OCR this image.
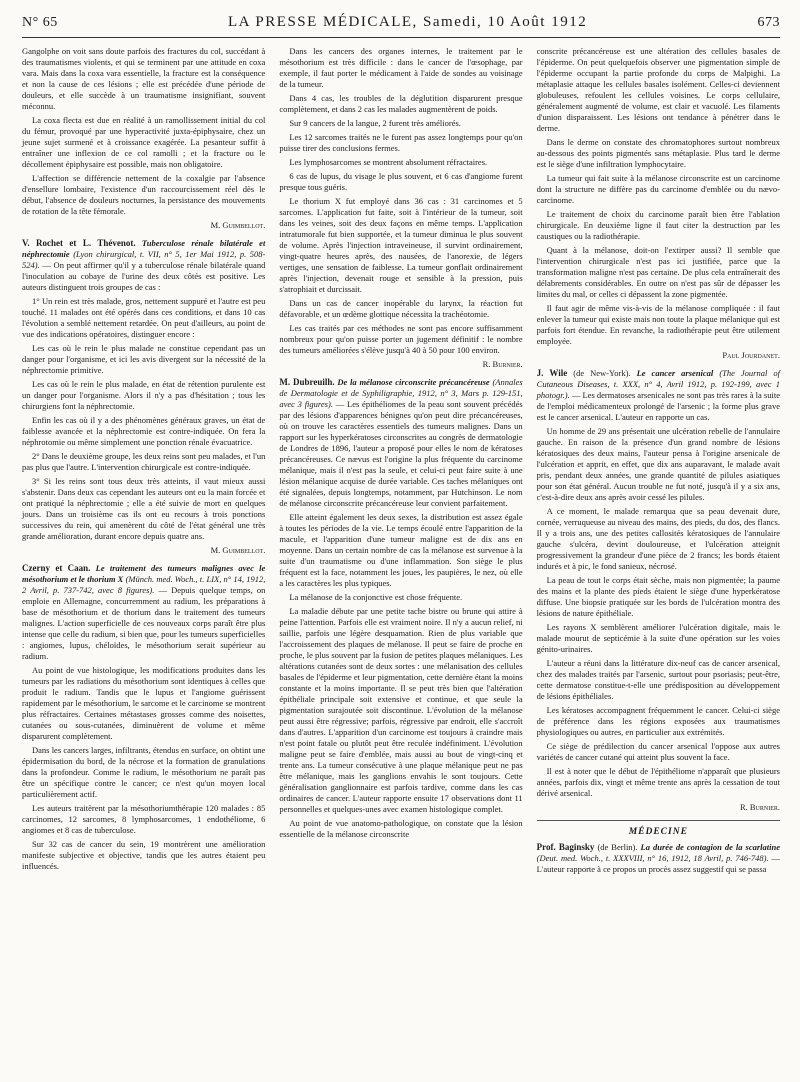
N° 65	LA PRESSE MÉDICALE, Samedi, 10 Août 1912	673

Gangolphe on voit sans doute parfois des fractures du col, succédant à des traumatismes violents, et qui se terminent par une attitude en coxa vara. Mais dans la coxa vara essentielle, la fracture est la conséquence et non la cause de ces lésions ; elle est précédée d'une période de douleurs, et elle succède à un traumatisme insignifiant, souvent méconnu.

La coxa flecta est due en réalité à un ramollissement initial du col du fémur, provoqué par une hyperactivité juxta-épiphysaire, chez un jeune sujet surmené et à croissance exagérée. La pesanteur suffit à entraîner une inflexion de ce col ramolli ; et la fracture ou le décollement épiphysaire est possible, mais non obligatoire.

L'affection se différencie nettement de la coxalgie par l'absence d'ensellure lombaire, l'existence d'un raccourcissement réel dès le début, l'absence de douleurs nocturnes, la persistance des mouvements de rotation de la tête fémorale.

M. Guimbellot.

V. Rochet et L. Thévenot. Tuberculose rénale bilatérale et néphrectomie (Lyon chirurgical, t. VII, n° 5, 1er Mai 1912, p. 508-524). — On peut affirmer qu'il y a tuberculose rénale bilatérale quand l'inoculation au cobaye de l'urine des deux côtés est positive. Les auteurs distinguent trois groupes de cas :

1° Un rein est très malade, gros, nettement suppuré et l'autre est peu touché. 11 malades ont été opérés dans ces conditions, et dans 10 cas l'évolution a semblé nettement retardée. On peut d'ailleurs, au point de vue des indications opératoires, distinguer encore :

Les cas où le rein le plus malade ne constitue cependant pas un danger pour l'organisme, et ici les avis divergent sur la nécessité de la néphrectomie primitive.

Les cas où le rein le plus malade, en état de rétention purulente est un danger pour l'organisme. Alors il n'y a pas d'hésitation ; tous les chirurgiens font la néphrectomie.

Enfin les cas où il y a des phénomènes généraux graves, un état de faiblesse avancée et la néphrectomie est contre-indiquée. On fera la néphrotomie ou même simplement une ponction rénale évacuatrice.

2° Dans le deuxième groupe, les deux reins sont peu malades, et l'un pas plus que l'autre. L'intervention chirurgicale est contre-indiquée.

3° Si les reins sont tous deux très atteints, il vaut mieux aussi s'abstenir. Dans deux cas cependant les auteurs ont eu la main forcée et ont pratiqué la néphrectomie ; elle a été suivie de mort en quelques jours. Dans un troisième cas ils ont eu recours à trois ponctions successives du rein, qui amenèrent du côté de l'état général une très grande amélioration, durant encore depuis quatre ans.

M. Guimbellot.

Czerny et Caan. Le traitement des tumeurs malignes avec le mésothorium et le thorium X (Münch. med. Woch., t. LIX, n° 14, 1912, 2 Avril, p. 737-742, avec 8 figures). — Depuis quelque temps, on emploie en Allemagne, concurremment au radium, les préparations à base de mésothorium et de thorium dans le traitement des tumeurs malignes. L'action superficielle de ces nouveaux corps paraît être plus intense que celle du radium, si bien que, pour les tumeurs superficielles : angiomes, lupus, chéloïdes, le mésothorium serait supérieur au radium.

Au point de vue histologique, les modifications produites dans les tumeurs par les radiations du mésothorium sont identiques à celles que produit le radium. Tandis que le lupus et l'angiome guérissent rapidement par le mésothorium, le sarcome et le carcinome se montrent plus réfractaires. Certaines métastases grosses comme des noisettes, cutanées ou sous-cutanées, diminuèrent de volume et même disparurent complètement.

Dans les cancers larges, infiltrants, étendus en surface, on obtint une épidermisation du bord, de la nécrose et la formation de granulations dans la profondeur. Comme le radium, le mésothorium ne paraît pas être un spécifique contre le cancer; ce n'est qu'un moyen local particulièrement actif.

Les auteurs traitèrent par la mésothoriumthérapie 120 malades : 85 carcinomes, 12 sarcomes, 8 lymphosarcomes, 1 endothéliome, 6 angiomes et 8 cas de tuberculose.

Sur 32 cas de cancer du sein, 19 montrèrent une amélioration manifeste subjective et objective, tandis que les autres étaient peu influencés.

Dans les cancers des organes internes, le traitement par le mésothorium est très difficile : dans le cancer de l'œsophage, par exemple, il faut porter le médicament à l'aide de sondes au voisinage de la tumeur.

Dans 4 cas, les troubles de la déglutition disparurent presque complètement, et dans 2 cas les malades augmentèrent de poids.

Sur 9 cancers de la langue, 2 furent très améliorés.

Les 12 sarcomes traités ne le furent pas assez longtemps pour qu'on puisse tirer des conclusions fermes.

Les lymphosarcomes se montrent absolument réfractaires.

6 cas de lupus, du visage le plus souvent, et 6 cas d'angiome furent presque tous guéris.

Le thorium X fut employé dans 36 cas : 31 carcinomes et 5 sarcomes. L'application fut faite, soit à l'intérieur de la tumeur, soit dans les veines, soit des deux façons en même temps. L'application intratumorale fut bien supportée, et la tumeur diminua le plus souvent de volume. Après l'injection intraveineuse, il survint ordinairement, vingt-quatre heures après, des nausées, de l'anorexie, de légers vertiges, une sensation de faiblesse. La tumeur gonflait ordinairement après l'injection, devenait rouge et sensible à la pression, puis s'atrophiait et durcissait.

Dans un cas de cancer inopérable du larynx, la réaction fut défavorable, et un œdème glottique nécessita la trachéotomie.

Les cas traités par ces méthodes ne sont pas encore suffisamment nombreux pour qu'on puisse porter un jugement définitif : le nombre des tumeurs améliorées s'élève jusqu'à 40 à 50 pour 100 environ.

R. Burnier.

M. Dubreuilh. De la mélanose circonscrite précancéreuse (Annales de Dermatologie et de Syphiligraphie, 1912, n° 3, Mars p. 129-151, avec 3 figures). — Les épithéliomes de la peau sont souvent précédés par des lésions d'apparences bénignes qu'on peut dire précancéreuses, où on trouve les caractères essentiels des tumeurs malignes. Dans un rapport sur les hyperkératoses circonscrites au congrès de dermatologie de Londres de 1896, l'auteur a proposé pour elles le nom de kératoses précancéreuses. Ce nævus est l'origine la plus fréquente du carcinome mélanique, mais il n'est pas la seule, et celui-ci peut faire suite à une lésion mélanique acquise de durée variable. Ces taches mélaniques ont été signalées, depuis longtemps, notamment, par Hutchinson. Le nom de mélanose circonscrite précancéreuse leur convient parfaitement.

Elle atteint également les deux sexes, la distribution est assez égale à toutes les périodes de la vie. Le temps écoulé entre l'apparition de la macule, et l'apparition d'une tumeur maligne est de dix ans en moyenne. Dans un certain nombre de cas la mélanose est survenue à la suite d'un traumatisme ou d'une inflammation. Son siège le plus fréquent est la face, notamment les joues, les paupières, le nez, où elle a les caractères les plus typiques.

La mélanose de la conjonctive est chose fréquente.

La maladie débute par une petite tache bistre ou brune qui attire à peine l'attention. Parfois elle est vraiment noire. Il n'y a aucun relief, ni saillie, parfois une légère desquamation. Rien de plus variable que l'accroissement des plaques de mélanose. Il peut se faire de proche en proche, le plus souvent par la fusion de petites plaques mélaniques. Les altérations cutanées sont de deux sortes : une mélanisation des cellules basales de l'épiderme et leur pigmentation, cette dernière étant la moins constante et la moins importante. Il se peut très bien que l'altération épithéliale principale soit extensive et continue, et que seule la pigmentation surajoutée soit discontinue. L'évolution de la mélanose peut aussi être régressive; parfois, régressive par endroit, elle s'accroît dans d'autres. L'apparition d'un carcinome est toujours à craindre mais n'est point fatale ou plutôt peut être reculée indéfiniment. L'évolution maligne peut se faire d'emblée, mais aussi au bout de vingt-cinq et trente ans. La tumeur consécutive à une plaque mélanique peut ne pas être mélanique, mais les ganglions envahis le sont toujours. Cette généralisation ganglionnaire est parfois tardive, comme dans les cas ordinaires de cancer. L'auteur rapporte ensuite 17 observations dont 11 personnelles et quelques-unes avec examen histologique complet.

Au point de vue anatomo-pathologique, on constate que la lésion essentielle de la mélanose circonscrite

conscrite précancéreuse est une altération des cellules basales de l'épiderme. On peut quelquefois observer une pigmentation simple de l'épiderme occupant la partie profonde du corps de Malpighi. La métaplasie attaque les cellules basales isolément. Celles-ci deviennent globuleuses, refoulent les cellules voisines. Le corps cellulaire, généralement augmenté de volume, est clair et vacuolé. Les filaments d'union disparaissent. Les lésions ont tendance à pénétrer dans le derme.

Dans le derme on constate des chromatophores surtout nombreux au-dessous des points pigmentés sans métaplasie. Plus tard le derme est le siège d'une infiltration lymphocytaire.

La tumeur qui fait suite à la mélanose circonscrite est un carcinome dont la structure ne diffère pas du carcinome d'emblée ou du nævo-carcinome.

Le traitement de choix du carcinome paraît bien être l'ablation chirurgicale. En deuxième ligne il faut citer la destruction par les caustiques ou la radiothérapie.

Quant à la mélanose, doit-on l'extirper aussi? Il semble que l'intervention chirurgicale n'est pas ici justifiée, parce que la transformation maligne n'est pas certaine. De plus cela entraînerait des délabrements considérables. En outre on n'est pas sûr de dépasser les limites du mal, or celles ci dépassent la zone pigmentée.

Il faut agir de même vis-à-vis de la mélanose compliquée : il faut enlever la tumeur qui existe mais non toute la plaque mélanique qui est parfois fort étendue. En revanche, la radiothérapie peut être utilement employée.

Paul Jourdanet.

J. Wile (de New-York). Le cancer arsenical (The Journal of Cutaneous Diseases, t. XXX, n° 4, Avril 1912, p. 192-199, avec 1 photogr.). — Les dermatoses arsenicales ne sont pas très rares à la suite de l'emploi médicamenteux prolongé de l'arsenic ; la forme plus grave est le cancer arsenical. L'auteur en rapporte un cas.

Un homme de 29 ans présentait une ulcération rebelle de l'annulaire gauche. En raison de la présence d'un grand nombre de lésions kératosiques des deux mains, l'auteur pensa à l'origine arsenicale de l'ulcération et apprit, en effet, que dix ans auparavant, le malade avait pris, pendant deux années, une grande quantité de pilules asiatiques pour son état général. Aucun trouble ne fut noté, jusqu'à il y a six ans, c'est-à-dire deux ans après avoir cessé les pilules.

A ce moment, le malade remarqua que sa peau devenait dure, cornée, verruqueuse au niveau des mains, des pieds, du dos, des flancs. Il y a trois ans, une des petites callosités kératosiques de l'annulaire gauche s'ulcéra, devint douloureuse, et l'ulcération atteignit progressivement la grandeur d'une pièce de 2 francs; les bords étaient indurés et à pic, le fond sanieux, nécrosé.

La peau de tout le corps était sèche, mais non pigmentée; la paume des mains et la plante des pieds étaient le siège d'une hyperkératose diffuse. Une biopsie pratiquée sur les bords de l'ulcération montra des lésions de nature épithéliale.

Les rayons X semblèrent améliorer l'ulcération digitale, mais le malade mourut de septicémie à la suite d'une opération sur les voies génito-urinaires.

L'auteur a réuni dans la littérature dix-neuf cas de cancer arsenical, chez des malades traités par l'arsenic, surtout pour psoriasis; peut-être, cette dermatose constitue-t-elle une prédisposition au développement de lésions épithéliales.

Les kératoses accompagnent fréquemment le cancer. Celui-ci siège de préférence dans les régions exposées aux traumatismes physiologiques ou autres, en particulier aux extrémités.

Ce siège de prédilection du cancer arsenical l'oppose aux autres variétés de cancer cutané qui atteint plus souvent la face.

Il est à noter que le début de l'épithéliome n'apparaît que plusieurs années, parfois dix, vingt et même trente ans après la cessation de tout dérivé arsenical.

R. Burnier.
MÉDECINE

Prof. Baginsky (de Berlin). La durée de contagion de la scarlatine (Deut. med. Woch., t. XXXVIII, n° 16, 1912, 18 Avril, p. 746-748). — L'auteur rapporte à ce propos un procès assez suggestif qui se passa
